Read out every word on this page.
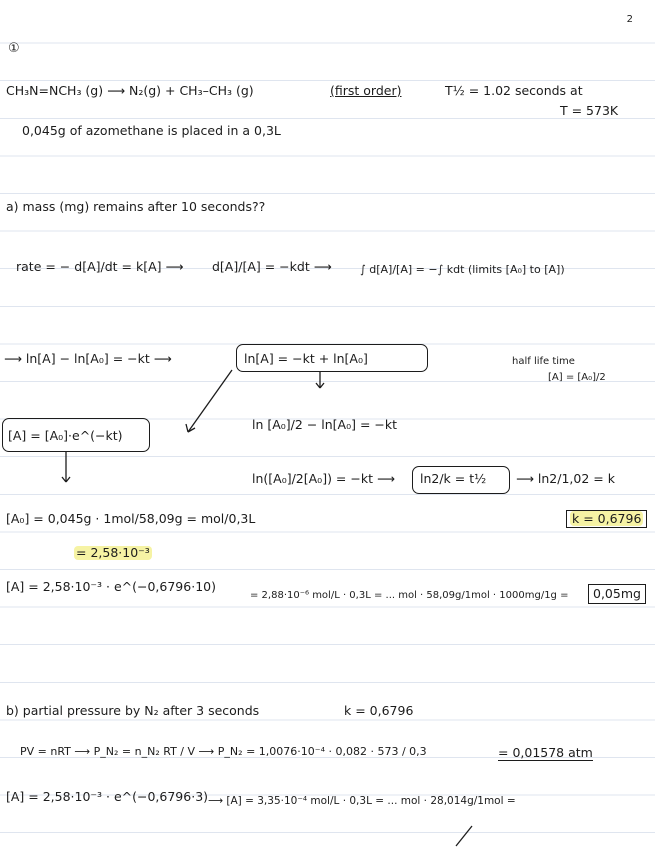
2
①
CH₃N=NCH₃ (g) ⟶ N₂(g) + CH₃–CH₃ (g)	(first order)	T½ = 1.02 seconds at
T = 573K
0,045g of azomethane is placed in a 0,3L
a) mass (mg) remains after 10 seconds??
rate = − d[A]/dt = k[A] ⟶ d[A]/[A] = −kdt ⟶	∫ d[A]/[A] = −∫ kdt (limits [A₀] to [A])
⟶ ln[A] − ln[A₀] = −kt ⟶	ln[A] = −kt + ln[A₀]	half life time
[A] = [A₀]/2
[A] = [A₀]·e^(−kt)
ln [A₀]/2 − ln[A₀] = −kt
ln([A₀]/2[A₀]) = −kt ⟶ ln2/k = t½ ⟶ ln2/1,02 = k
k = 0,6796
[A₀] = 0,045g · 1mol/58,09g = mol/0,3L
= 2,58·10⁻³
[A] = 2,58·10⁻³ · e^(−0,6796·10)
= 2,88·10⁻⁶ mol/L · 0,3L = ... mol · 58,09g/1mol · 1000mg/1g =	0,05mg
b) partial pressure by N₂ after 3 seconds	k = 0,6796
PV = nRT ⟶ P_N₂ = n_N₂ RT / V ⟶ P_N₂ = 1,0076·10⁻⁴ · 0,082 · 573 / 0,3	= 0,01578 atm
[A] = 2,58·10⁻³ · e^(−0,6796·3) ⟶ [A] = 3,35·10⁻⁴ mol/L · 0,3L = ... mol · 28,014g/1mol =
